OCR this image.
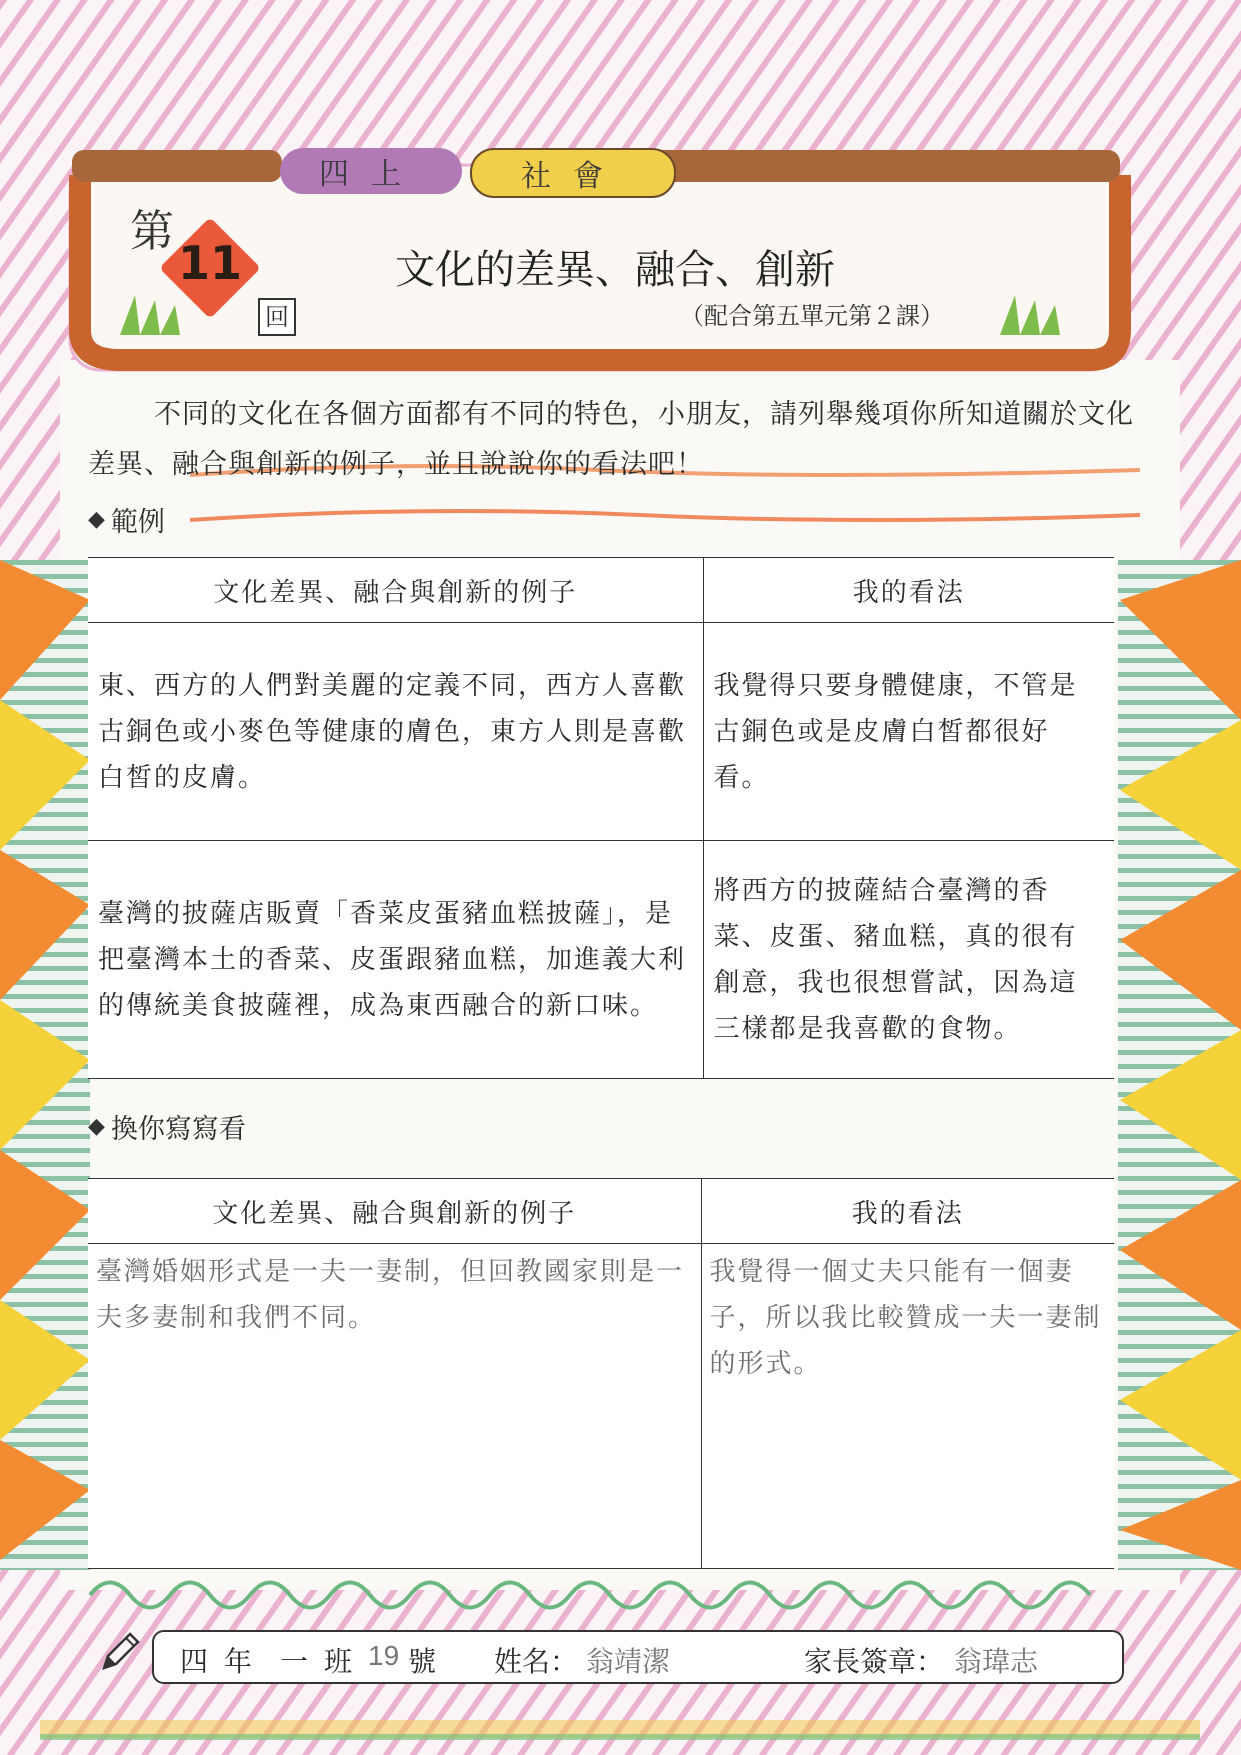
四上	社會
第
11
回
文化的差異、融合、創新
（配合第五單元第２課）

不同的文化在各個方面都有不同的特色，小朋友，請列舉幾項你所知道關於文化差異、融合與創新的例子，並且說說你的看法吧！

◆ 範例
文化差異、融合與創新的例子	我的看法
東、西方的人們對美麗的定義不同，西方人喜歡古銅色或小麥色等健康的膚色，東方人則是喜歡白皙的皮膚。	我覺得只要身體健康，不管是古銅色或是皮膚白皙都很好看。
臺灣的披薩店販賣「香菜皮蛋豬血糕披薩」，是把臺灣本土的香菜、皮蛋跟豬血糕，加進義大利的傳統美食披薩裡，成為東西融合的新口味。	將西方的披薩結合臺灣的香菜、皮蛋、豬血糕，真的很有創意，我也很想嘗試，因為這三樣都是我喜歡的食物。
◆ 換你寫寫看
文化差異、融合與創新的例子	我的看法
臺灣婚姻形式是一夫一妻制，但回教國家則是一夫多妻制和我們不同。	我覺得一個丈夫只能有一個妻子，所以我比較贊成一夫一妻制的形式。
四 年 一 班 19 號 姓名： 翁靖潔	家長簽章： 翁瑋志
